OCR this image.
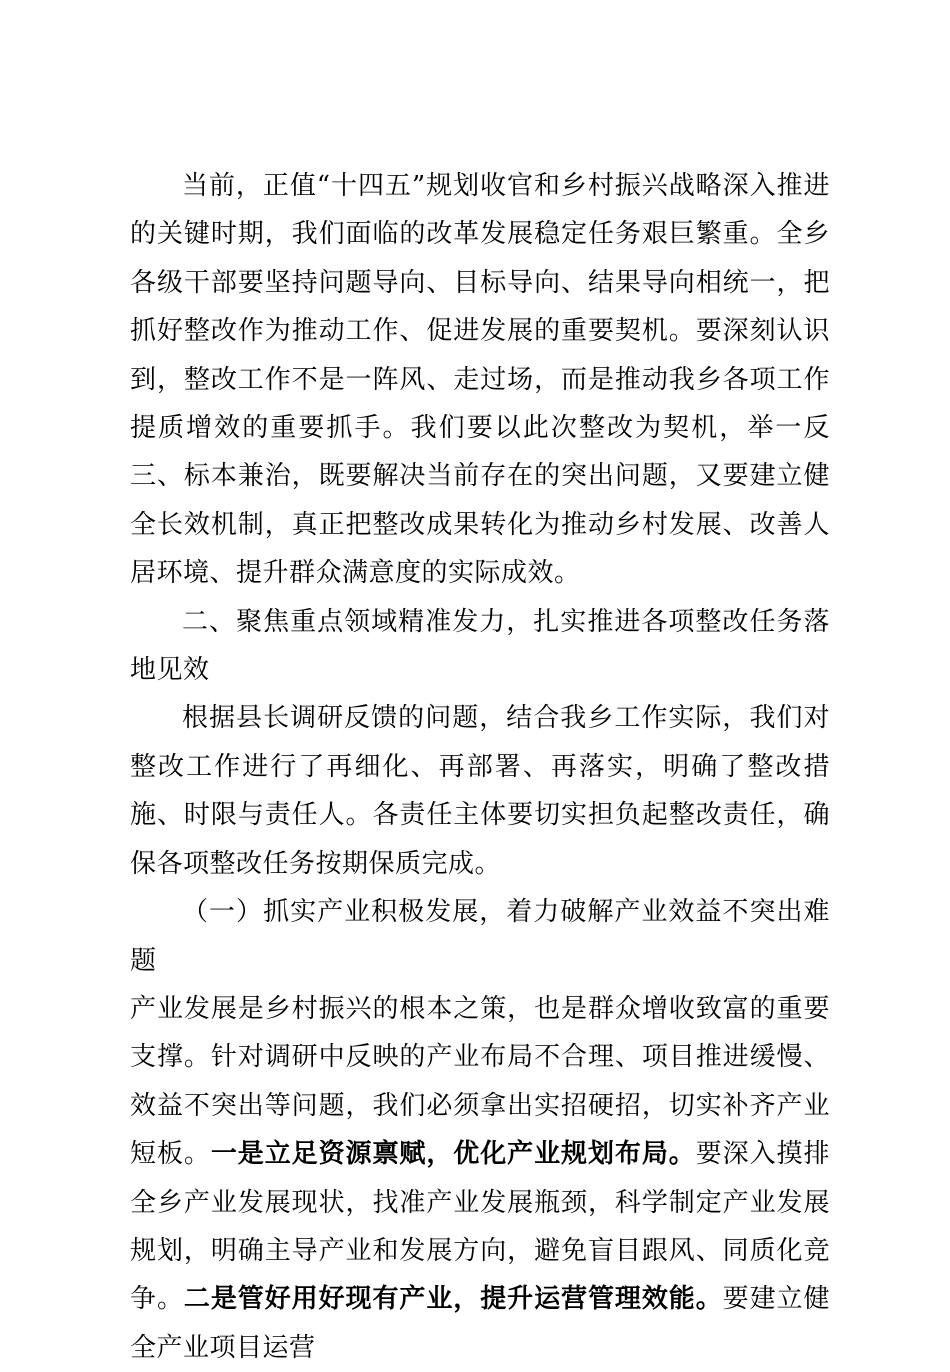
当前，正值“十四五”规划收官和乡村振兴战略深入推进的关键时期，我们面临的改革发展稳定任务艰巨繁重。全乡各级干部要坚持问题导向、目标导向、结果导向相统一，把抓好整改作为推动工作、促进发展的重要契机。要深刻认识到，整改工作不是一阵风、走过场，而是推动我乡各项工作提质增效的重要抓手。我们要以此次整改为契机，举一反三、标本兼治，既要解决当前存在的突出问题，又要建立健全长效机制，真正把整改成果转化为推动乡村发展、改善人居环境、提升群众满意度的实际成效。

二、聚焦重点领域精准发力，扎实推进各项整改任务落地见效

根据县长调研反馈的问题，结合我乡工作实际，我们对整改工作进行了再细化、再部署、再落实，明确了整改措施、时限与责任人。各责任主体要切实担负起整改责任，确保各项整改任务按期保质完成。

（一）抓实产业积极发展，着力破解产业效益不突出难题

产业发展是乡村振兴的根本之策，也是群众增收致富的重要支撑。针对调研中反映的产业布局不合理、项目推进缓慢、效益不突出等问题，我们必须拿出实招硬招，切实补齐产业短板。一是立足资源禀赋，优化产业规划布局。要深入摸排全乡产业发展现状，找准产业发展瓶颈，科学制定产业发展规划，明确主导产业和发展方向，避免盲目跟风、同质化竞争。二是管好用好现有产业，提升运营管理效能。要建立健全产业项目运营
